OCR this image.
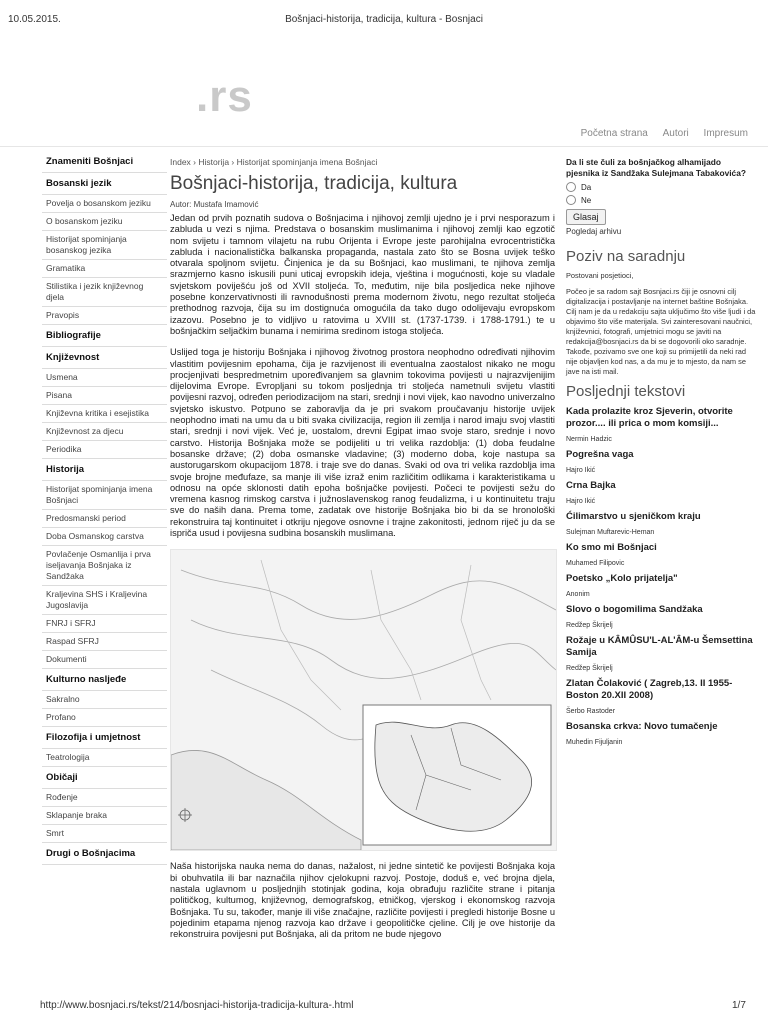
10.05.2015.	Bošnjaci-historija, tradicija, kultura - Bosnjaci
http://www.bosnjaci.rs/tekst/214/bosnjaci-historija-tradicija-kultura-.html	1/7
.rs
Početna strana Autori Impresum
Znameniti Bošnjaci
Bosanski jezik
Povelja o bosanskom jeziku
O bosanskom jeziku
Historijat spominjanja bosanskog jezika
Gramatika
Stilistika i jezik književnog djela
Pravopis
Bibliografije
Književnost
Usmena
Pisana
Književna kritika i esejistika
Književnost za djecu
Periodika
Historija
Historijat spominjanja imena Bošnjaci
Predosmanski period
Doba Osmanskog carstva
Povlačenje Osmanlija i prva iseljavanja Bošnjaka iz Sandžaka
Kraljevina SHS i Kraljevina Jugoslavija
FNRJ i SFRJ
Raspad SFRJ
Dokumenti
Kulturno nasljeđe
Sakralno
Profano
Filozofija i umjetnost
Teatrologija
Običaji
Rođenje
Sklapanje braka
Smrt
Drugi o Bošnjacima
Index › Historija › Historijat spominjanja imena Bošnjaci
Bošnjaci-historija, tradicija, kultura
Autor: Mustafa Imamović

Jedan od prvih poznatih sudova o Bošnjacima i njihovoj zemlji ujedno je i prvi nesporazum i zabluda u vezi s njima. Predstava o bosanskim muslimanima i njihovoj zemlji kao egzotič nom svijetu i tamnom vilajetu na rubu Orijenta i Evrope jeste parohijalna evrocentristička zabluda i nacionalistička balkanska propaganda, nastala zato što se Bosna uvijek teško otvarala spoljnom svijetu. Činjenica je da su Bošnjaci, kao muslimani, te njihova zemlja srazmjerno kasno iskusili puni uticaj evropskih ideja, vještina i mogućnosti, koje su vladale svjetskom poviješću još od XVII stoljeća. To, međutim, nije bila posljedica neke njihove posebne konzervativnosti ili ravnodušnosti prema modernom životu, nego rezultat stoljeća prethodnog razvoja, čija su im dostignuća omogućila da tako dugo odolijevaju evropskom izazovu. Posebno je to vidljivo u ratovima u XVIII st. (1737-1739. i 1788-1791.) te u bošnjačkim seljačkim bunama i nemirima sredinom istoga stoljeća.

Uslijed toga je historiju Bošnjaka i njihovog životnog prostora neophodno određivati njihovim vlastitim povijesnim epohama, čija je razvijenost ili eventualna zaostalost nikako ne mogu procjenjivati bespredmetnim upoređivanjem sa glavnim tokovima povijesti u najrazvijenijim dijelovima Evrope. Evropljani su tokom posljednja tri stoljeća nametnuli svijetu vlastiti povijesni razvoj, određen periodizacijom na stari, srednji i novi vijek, kao navodno univerzalno svjetsko iskustvo. Potpuno se zaboravlja da je pri svakom proučavanju historije uvijek neophodno imati na umu da u biti svaka civilizacija, region ili zemlja i narod imaju svoj vlastiti stari, srednji i novi vijek. Već je, uostalom, drevni Egipat imao svoje staro, srednje i novo carstvo. Historija Bošnjaka može se podijeliti u tri velika razdoblja: (1) doba feudalne bosanske države; (2) doba osmanske vladavine; (3) moderno doba, koje nastupa sa austorugarskom okupacijom 1878. i traje sve do danas. Svaki od ova tri velika razdoblja ima svoje brojne međufaze, sa manje ili više izraž enim različitim odlikama i karakteristikama u odnosu na opće sklonosti datih epoha bošnjačke povijesti. Počeci te povijesti sežu do vremena kasnog rimskog carstva i južnoslavenskog ranog feudalizma, i u kontinuitetu traju sve do naših dana. Prema tome, zadatak ove historije Bošnjaka bio bi da se hronološki rekonstruira taj kontinuitet i otkriju njegove osnovne i trajne zakonitosti, jednom riječ ju da se ispriča usud i povijesna sudbina bosanskih muslimana.

Naša historijska nauka nema do danas, nažalost, ni jedne sintetič ke povijesti Bošnjaka koja bi obuhvatila ili bar naznačila njihov cjelokupni razvoj. Postoje, doduš e, već brojna djela, nastala uglavnom u posljednjih stotinjak godina, koja obrađuju različite strane i pitanja političkog, kultumog, književnog, demografskog, etničkog, vjerskog i ekonomskog razvoja Bošnjaka. Tu su, također, manje ili više značajne, različite povijesti i pregledi historije Bosne u pojedinim etapama njenog razvoja kao države i geopolitičke cjeline. Cilj je ove historije da rekonstruira povijesni put Bošnjaka, ali da pritom ne bude njegovo

Da li ste čuli za bošnjačkog alhamijado pjesnika iz Sandžaka Sulejmana Tabakovića?
Da
Ne
Glasaj
Pogledaj arhivu
Poziv na saradnju

Postovani posjetioci,

Počeo je sa radom sajt Bosnjaci.rs čiji je osnovni cilj digitalizacija i postavljanje na internet baštine Bošnjaka. Cilj nam je da u redakciju sajta uključimo što više ljudi i da objavimo što više materijala. Svi zainteresovani naučnici, književnici, fotografi, umjetnici mogu se javiti na redakcija@bosnjaci.rs da bi se dogovorili oko saradnje. Takođe, pozivamo sve one koji su primijetili da neki rad nije objavljen kod nas, a da mu je to mjesto, da nam se jave na isti mail.

Posljednji tekstovi
Kada prolazite kroz Sjeverin, otvorite prozor.... ili prica o mom komsiji...
Nermin Hadzic
Pogrešna vaga
Hajro Ikić
Crna Bajka
Hajro Ikić
Ćilimarstvo u sjeničkom kraju
Sulejman Muftarevic-Heman
Ko smo mi Bošnjaci
Muhamed Filipovic
Poetsko „Kolo prijatelja"
Anonim
Slovo o bogomilima Sandžaka
Redžep Škrijelj
Rožaje u KÂMÛSU'L-AL'ÂM-u Šemsettina Samija
Redžep Škrijelj
Zlatan Čolaković ( Zagreb,13. II 1955- Boston 20.XII 2008)
Šerbo Rastoder
Bosanska crkva: Novo tumačenje
Muhedin Fijuljanin
